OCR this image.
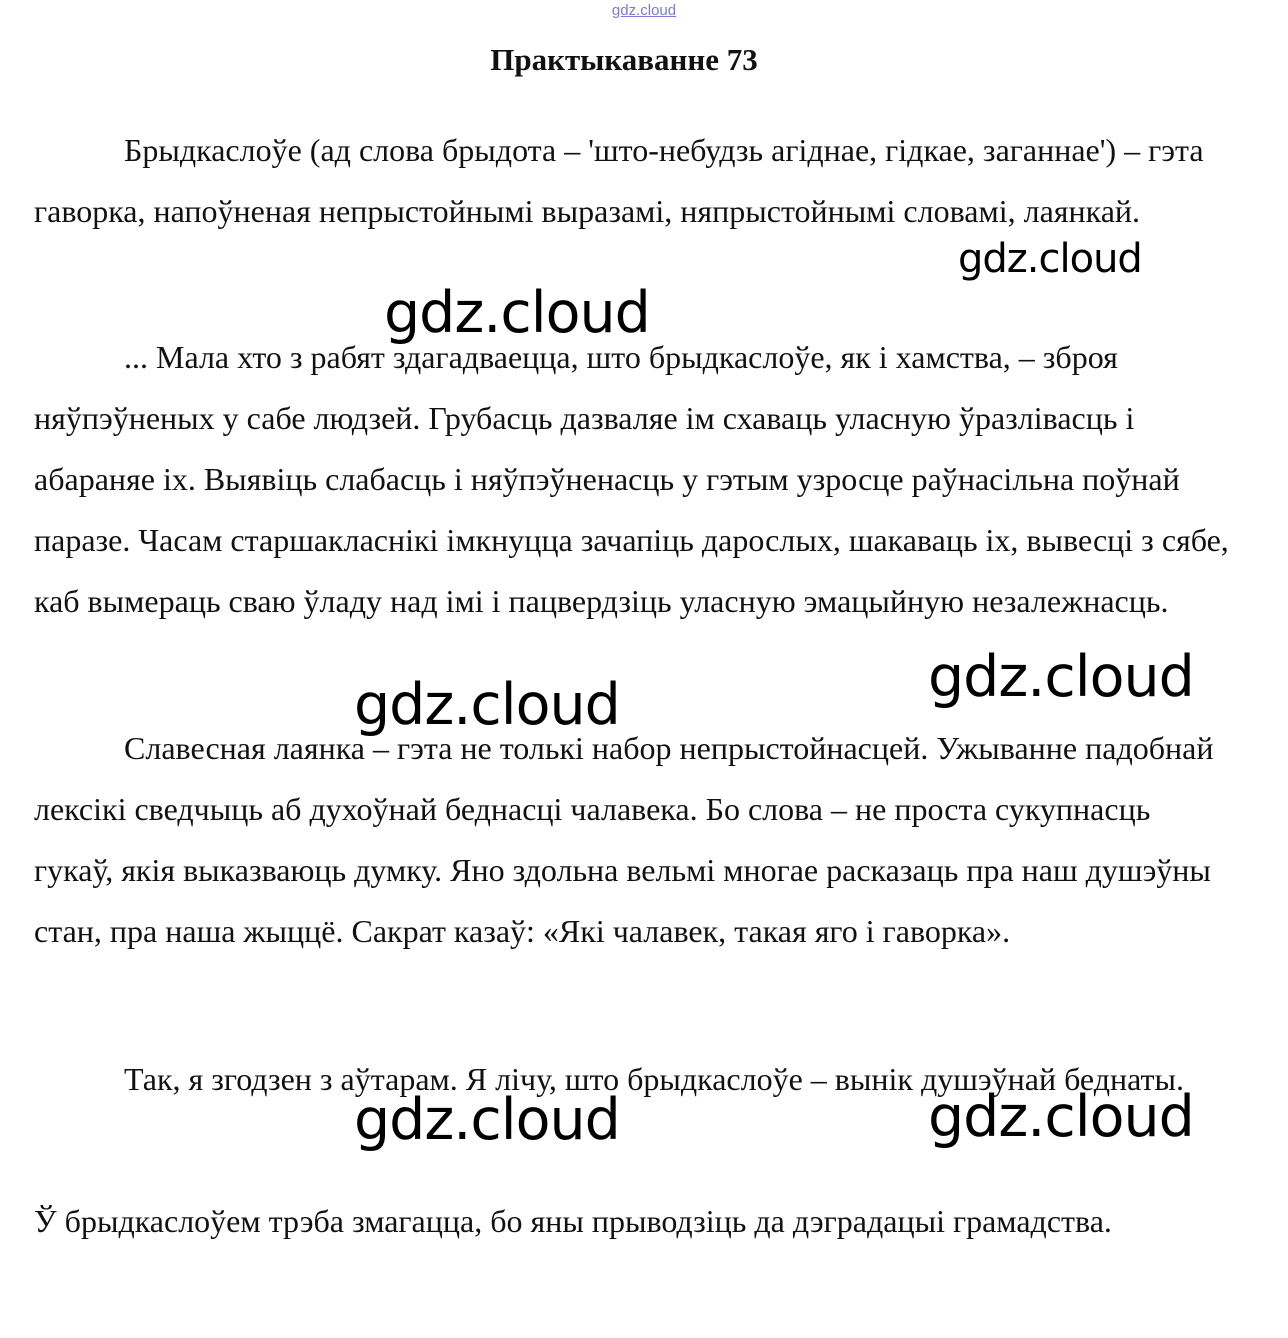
gdz.cloud
Практыкаванне 73

Брыдкаслоўе (ад слова брыдота – 'што-небудзь агіднае, гідкае, заганнае') – гэта гаворка, напоўненая непрыстойнымі выразамі, няпрыстойнымі словамі, лаянкай.

... Мала хто з рабят здагадваецца, што брыдкаслоўе, як і хамства, – зброя няўпэўненых у сабе людзей. Грубасць дазваляе ім схаваць уласную ўразлівасць і абараняе іх. Выявіць слабасць і няўпэўненасць у гэтым узросце раўнасільна поўнай паразе. Часам старшакласнікі імкнуцца зачапіць дарослых, шакаваць іх, вывесці з сябе, каб вымераць сваю ўладу над імі і пацвердзіць уласную эмацыйную незалежнасць.

Славесная лаянка – гэта не толькі набор непрыстойнасцей. Ужыванне падобнай лексікі сведчыць аб духоўнай беднасці чалавека. Бо слова – не проста сукупнасць гукаў, якія выказваюць думку. Яно здольна вельмі многае расказаць пра наш душэўны стан, пра наша жыццё. Сакрат казаў: «Які чалавек, такая яго і гаворка».

Так, я згодзен з аўтарам. Я лічу, што брыдкаслоўе – вынік душэўнай беднаты.

Ў брыдкаслоўем трэба змагацца, бо яны прыводзіць да дэградацыі грамадства.

gdz.cloud
gdz.cloud
gdz.cloud
gdz.cloud
gdz.cloud	gdz.cloud
